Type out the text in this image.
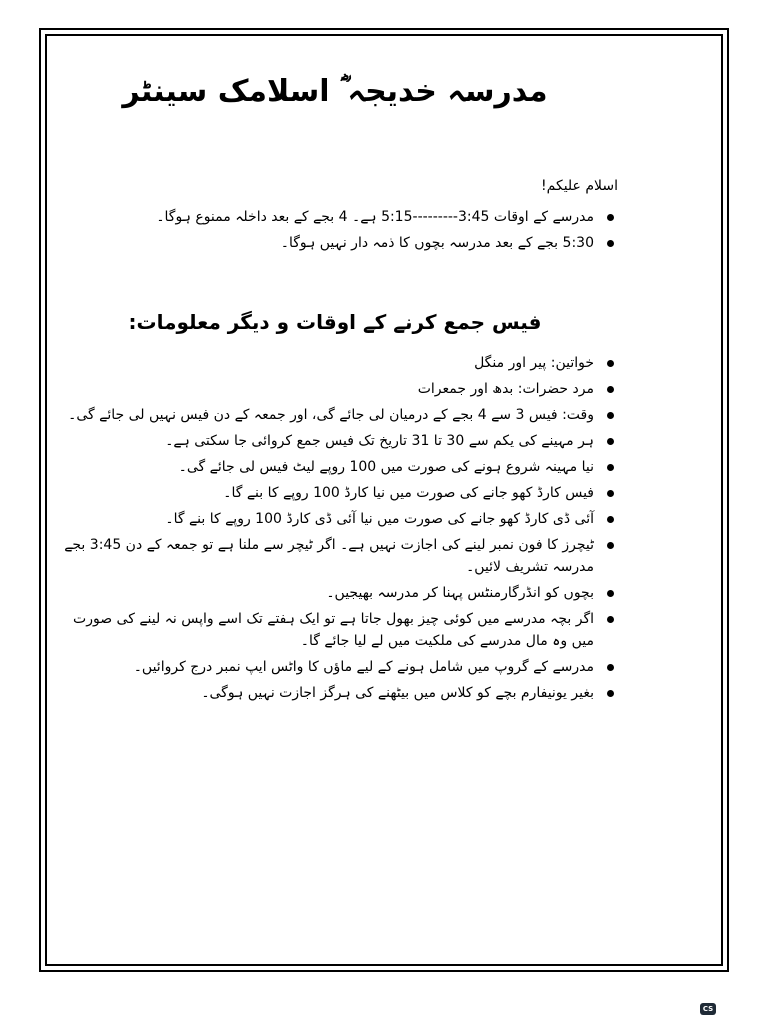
مدرسہ خدیجہ ؓ اسلامک سینٹر

اسلام علیکم!

مدرسے کے اوقات 3:45---------5:15 ہے۔ 4 بجے کے بعد داخلہ ممنوع ہوگا۔
5:30 بجے کے بعد مدرسہ بچوں کا ذمہ دار نہیں ہوگا۔
فیس جمع کرنے کے اوقات و دیگر معلومات:
خواتین: پیر اور منگل
مرد حضرات: بدھ اور جمعرات
وقت: فیس 3 سے 4 بجے کے درمیان لی جائے گی، اور جمعہ کے دن فیس نہیں لی جائے گی۔
ہر مہینے کی یکم سے 30 تا 31 تاریخ تک فیس جمع کروائی جا سکتی ہے۔
نیا مہینہ شروع ہونے کی صورت میں 100 روپے لیٹ فیس لی جائے گی۔
فیس کارڈ کھو جانے کی صورت میں نیا کارڈ 100 روپے کا بنے گا۔
آئی ڈی کارڈ کھو جانے کی صورت میں نیا آئی ڈی کارڈ 100 روپے کا بنے گا۔
ٹیچرز کا فون نمبر لینے کی اجازت نہیں ہے۔ اگر ٹیچر سے ملنا ہے تو جمعہ کے دن 3:45 بجے مدرسہ تشریف لائیں۔
بچوں کو انڈرگارمنٹس پہنا کر مدرسہ بھیجیں۔
اگر بچہ مدرسے میں کوئی چیز بھول جاتا ہے تو ایک ہفتے تک اسے واپس نہ لینے کی صورت میں وہ مال مدرسے کی ملکیت میں لے لیا جائے گا۔
مدرسے کے گروپ میں شامل ہونے کے لیے ماؤں کا واٹس ایپ نمبر درج کروائیں۔
بغیر یونیفارم بچے کو کلاس میں بیٹھنے کی ہرگز اجازت نہیں ہوگی۔
CS
